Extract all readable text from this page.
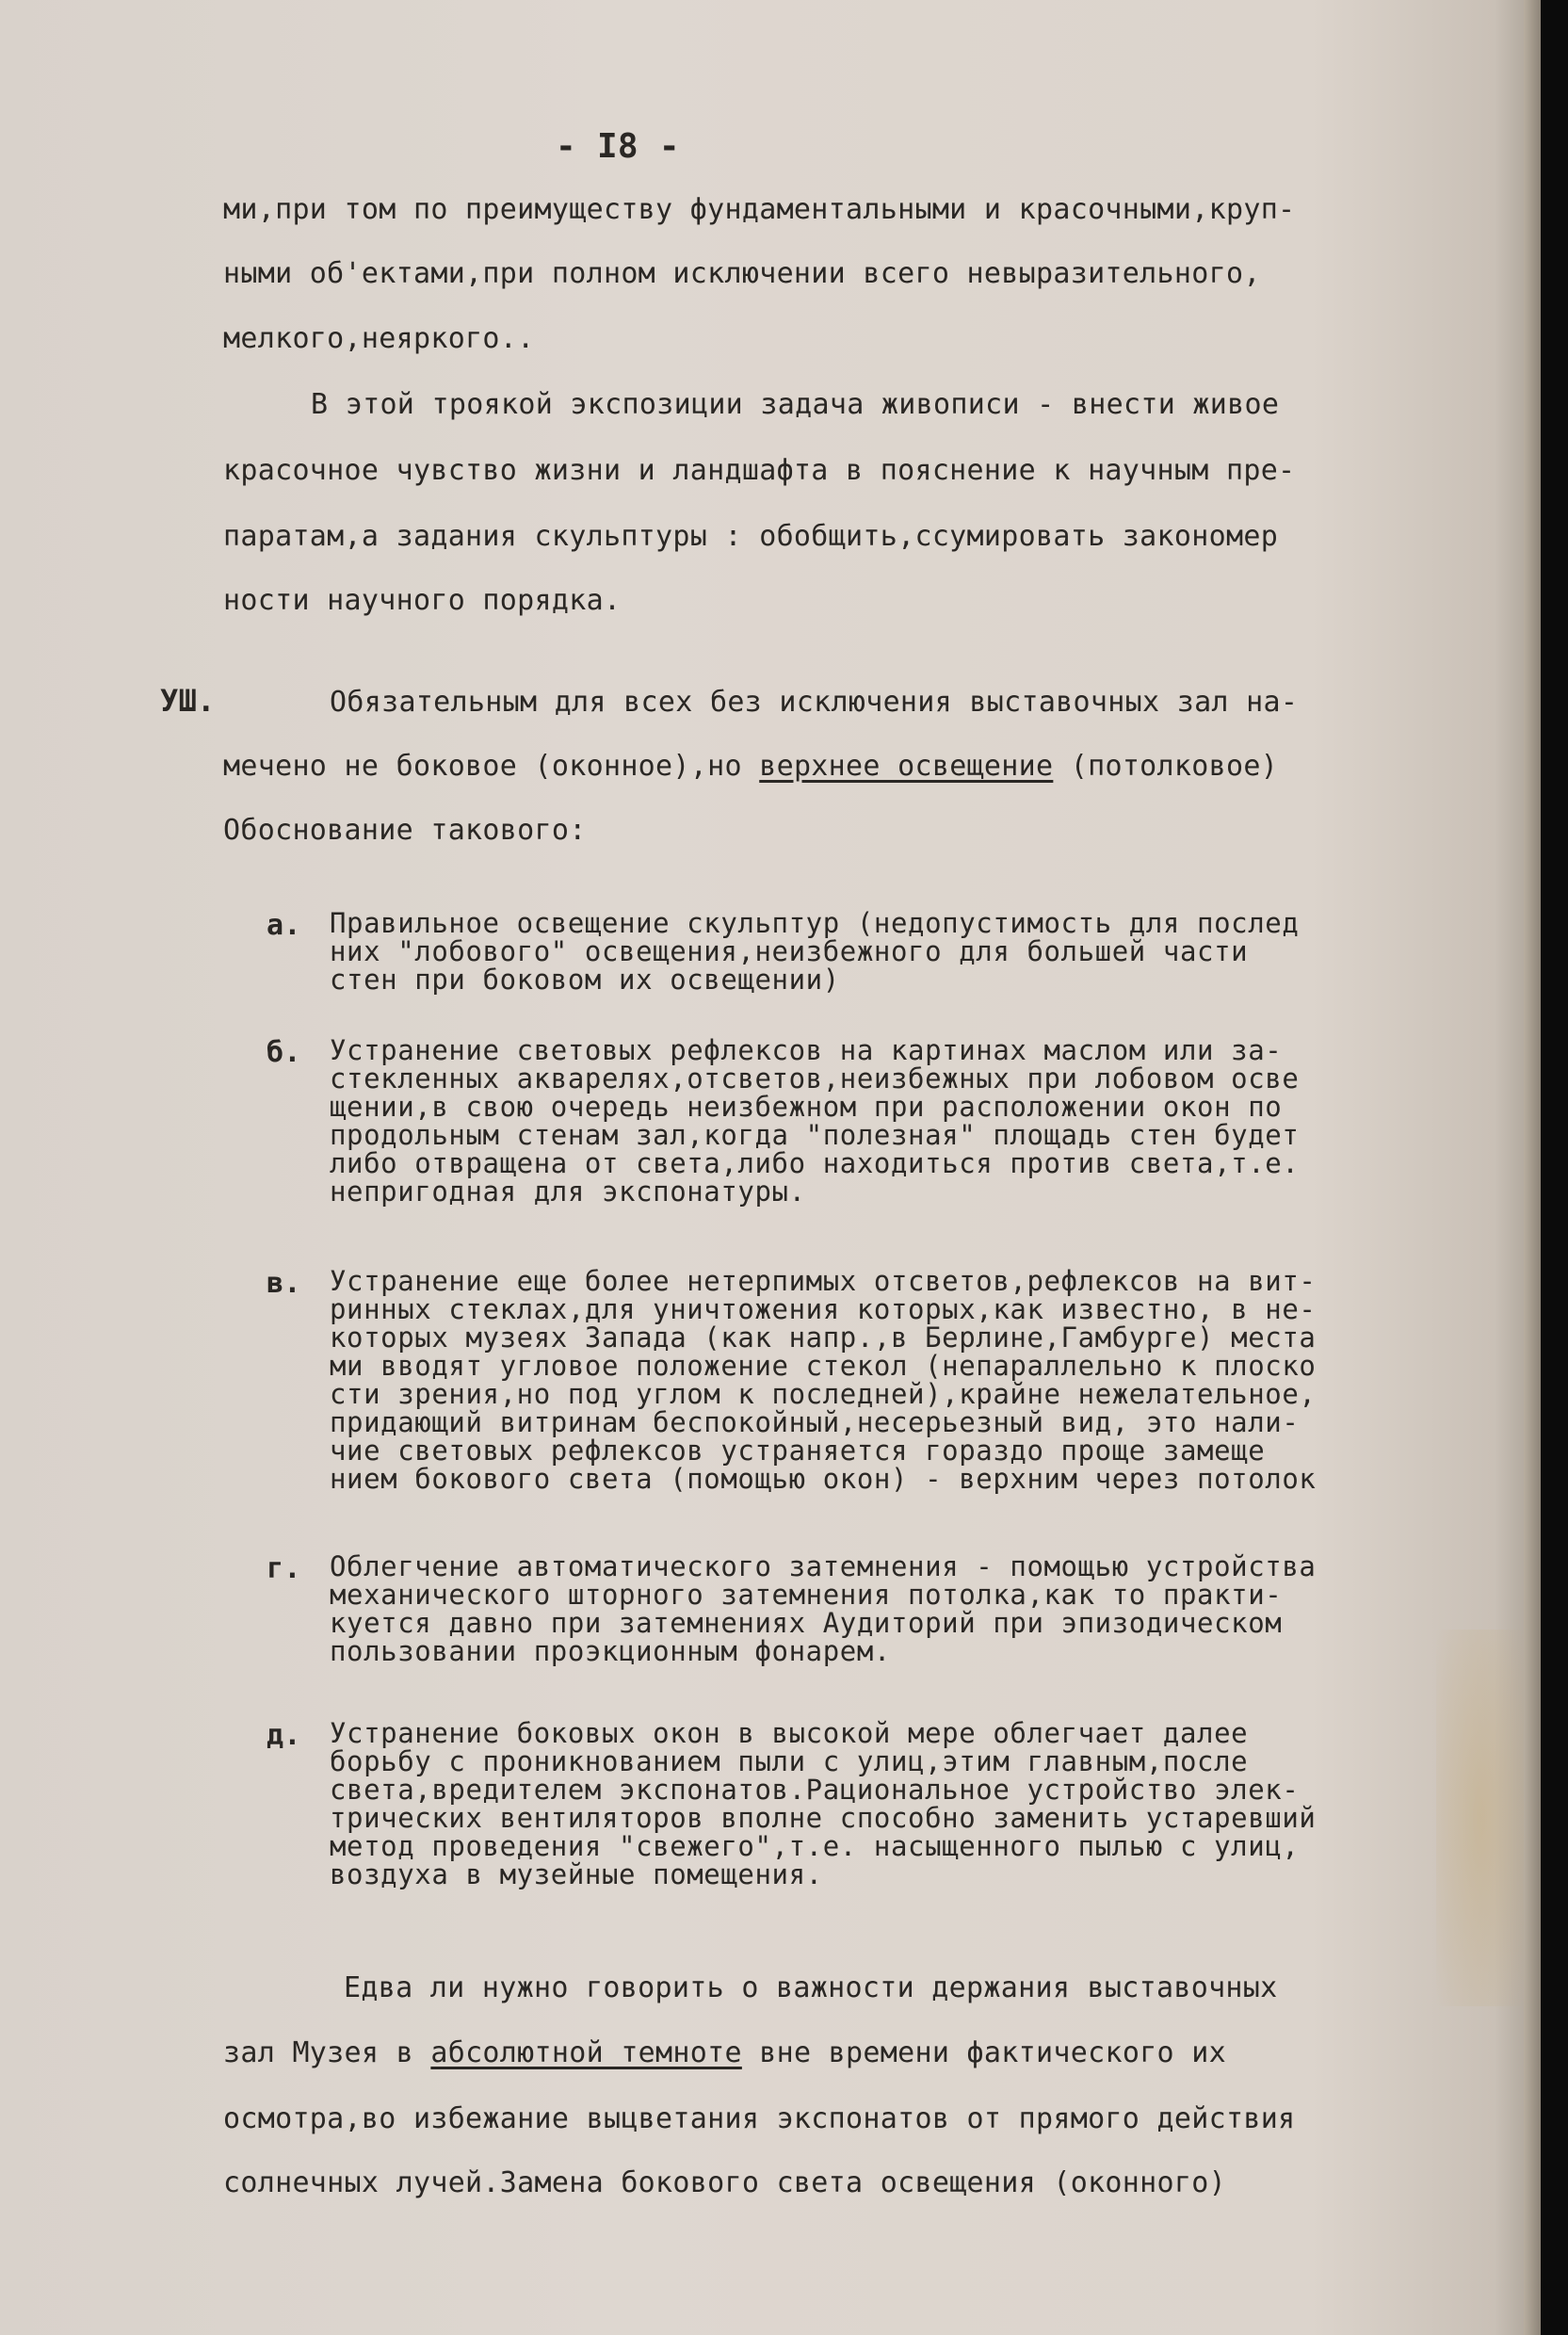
- I8 -
ми,при том по преимуществу фундаментальными и красочными,круп-
ными об'ектами,при полном исключении всего невыразительного,
мелкого,неяркого..
В этой троякой экспозиции задача живописи - внести живое
красочное чувство жизни и ландшафта в пояснение к научным пре-
паратам,а задания скульптуры : обобщить,ссумировать закономер
ности научного порядка.
УШ.	Обязательным для всех без исключения выставочных зал на-
мечено не боковое (оконное),но верхнее освещение (потолковое)
Обоснование такового:
а. Правильное освещение скульптур (недопустимость для послед
них "лобового" освещения,неизбежного для большей части
стен при боковом их освещении)
б. Устранение световых рефлексов на картинах маслом или за-
стекленных акварелях,отсветов,неизбежных при лобовом осве
щении,в свою очередь неизбежном при расположении окон по
продольным стенам зал,когда "полезная" площадь стен будет
либо отвращена от света,либо находиться против света,т.е.
непригодная для экспонатуры.
в. Устранение еще более нетерпимых отсветов,рефлексов на вит-
ринных стеклах,для уничтожения которых,как известно, в не-
которых музеях Запада (как напр.,в Берлине,Гамбурге) места
ми вводят угловое положение стекол (непараллельно к плоско
сти зрения,но под углом к последней),крайне нежелательное,
придающий витринам беспокойный,несерьезный вид, это нали-
чие световых рефлексов устраняется гораздо проще замеще
нием бокового света (помощью окон) - верхним через потолок
г. Облегчение автоматического затемнения - помощью устройства
механического шторного затемнения потолка,как то практи-
куется давно при затемнениях Аудиторий при эпизодическом
пользовании проэкционным фонарем.
д. Устранение боковых окон в высокой мере облегчает далее
борьбу с проникнованием пыли с улиц,этим главным,после
света,вредителем экспонатов.Рациональное устройство элек-
трических вентиляторов вполне способно заменить устаревший
метод проведения "свежего",т.е. насыщенного пылью с улиц,
воздуха в музейные помещения.
Едва ли нужно говорить о важности держания выставочных
зал Музея в абсолютной темноте вне времени фактического их
осмотра,во избежание выцветания экспонатов от прямого действия
солнечных лучей.Замена бокового света освещения (оконного)
